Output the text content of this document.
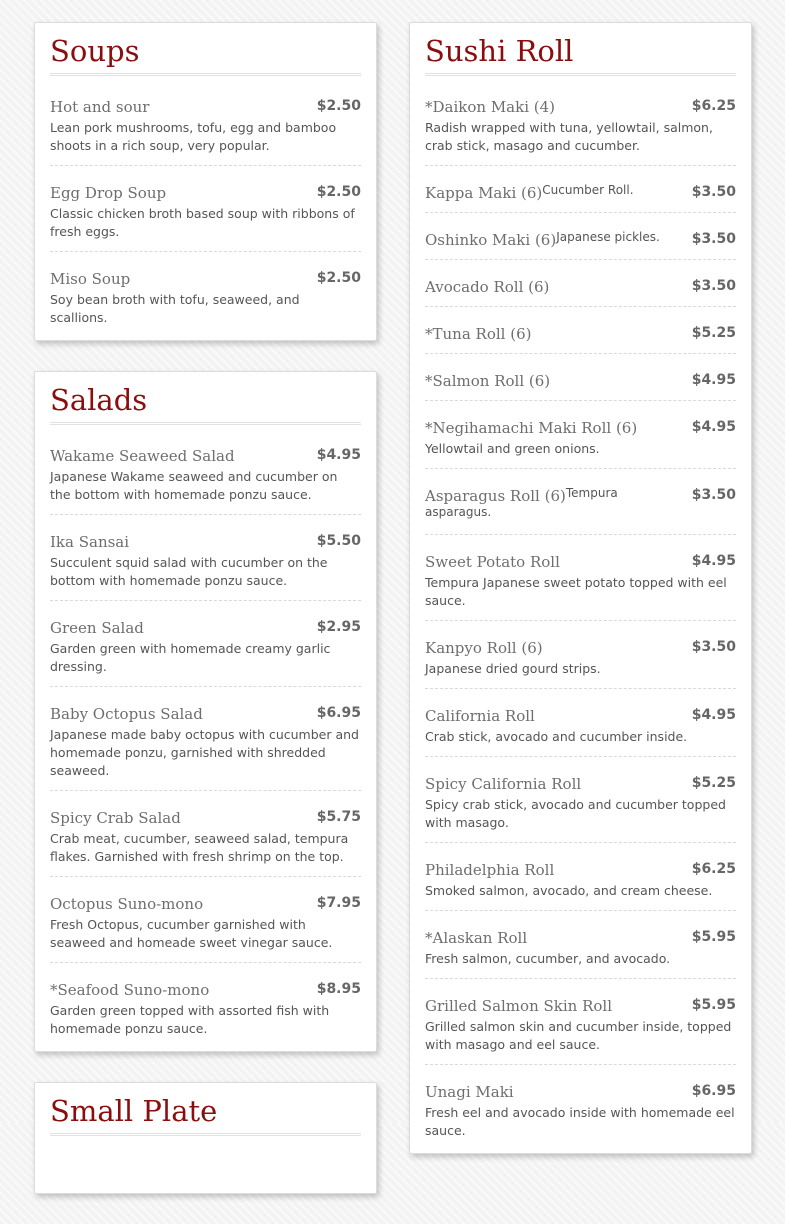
Soups
Hot and sour	$2.50
Lean pork mushrooms, tofu, egg and bamboo shoots in a rich soup, very popular.
Egg Drop Soup	$2.50
Classic chicken broth based soup with ribbons of fresh eggs.
Miso Soup	$2.50
Soy bean broth with tofu, seaweed, and scallions.
Salads
Wakame Seaweed Salad	$4.95
Japanese Wakame seaweed and cucumber on the bottom with homemade ponzu sauce.
Ika Sansai	$5.50
Succulent squid salad with cucumber on the bottom with homemade ponzu sauce.
Green Salad	$2.95
Garden green with homemade creamy garlic dressing.
Baby Octopus Salad	$6.95
Japanese made baby octopus with cucumber and homemade ponzu, garnished with shredded seaweed.
Spicy Crab Salad	$5.75
Crab meat, cucumber, seaweed salad, tempura flakes. Garnished with fresh shrimp on the top.
Octopus Suno-mono	$7.95
Fresh Octopus, cucumber garnished with seaweed and homeade sweet vinegar sauce.
*Seafood Suno-mono	$8.95
Garden green topped with assorted fish with homemade ponzu sauce.
Small Plate
Sushi Roll
*Daikon Maki (4)	$6.25
Radish wrapped with tuna, yellowtail, salmon, crab stick, masago and cucumber.
Kappa Maki $(6)^{Cucumber Roll.}$	$3.50
Oshinko Maki $(6)^{Japanese pickles.}$ $3.50
Avocado Roll (6)	$3.50
*Tuna Roll (6)	$5.25
*Salmon Roll (6)	$4.95
*Negihamachi Maki Roll (6)	$4.95
Yellowtail and green onions.
Asparagus Roll $(6)^{Tempura asparagus.}$
$3.50
Sweet Potato Roll	$4.95
Tempura Japanese sweet potato topped with eel sauce.
Kanpyo Roll (6)	$3.50
Japanese dried gourd strips.
California Roll	$4.95
Crab stick, avocado and cucumber inside.
Spicy California Roll	$5.25
Spicy crab stick, avocado and cucumber topped with masago.
Philadelphia Roll	$6.25
Smoked salmon, avocado, and cream cheese.
*Alaskan Roll	$5.95
Fresh salmon, cucumber, and avocado.
Grilled Salmon Skin Roll	$5.95
Grilled salmon skin and cucumber inside, topped with masago and eel sauce.
Unagi Maki	$6.95
Fresh eel and avocado inside with homemade eel sauce.
